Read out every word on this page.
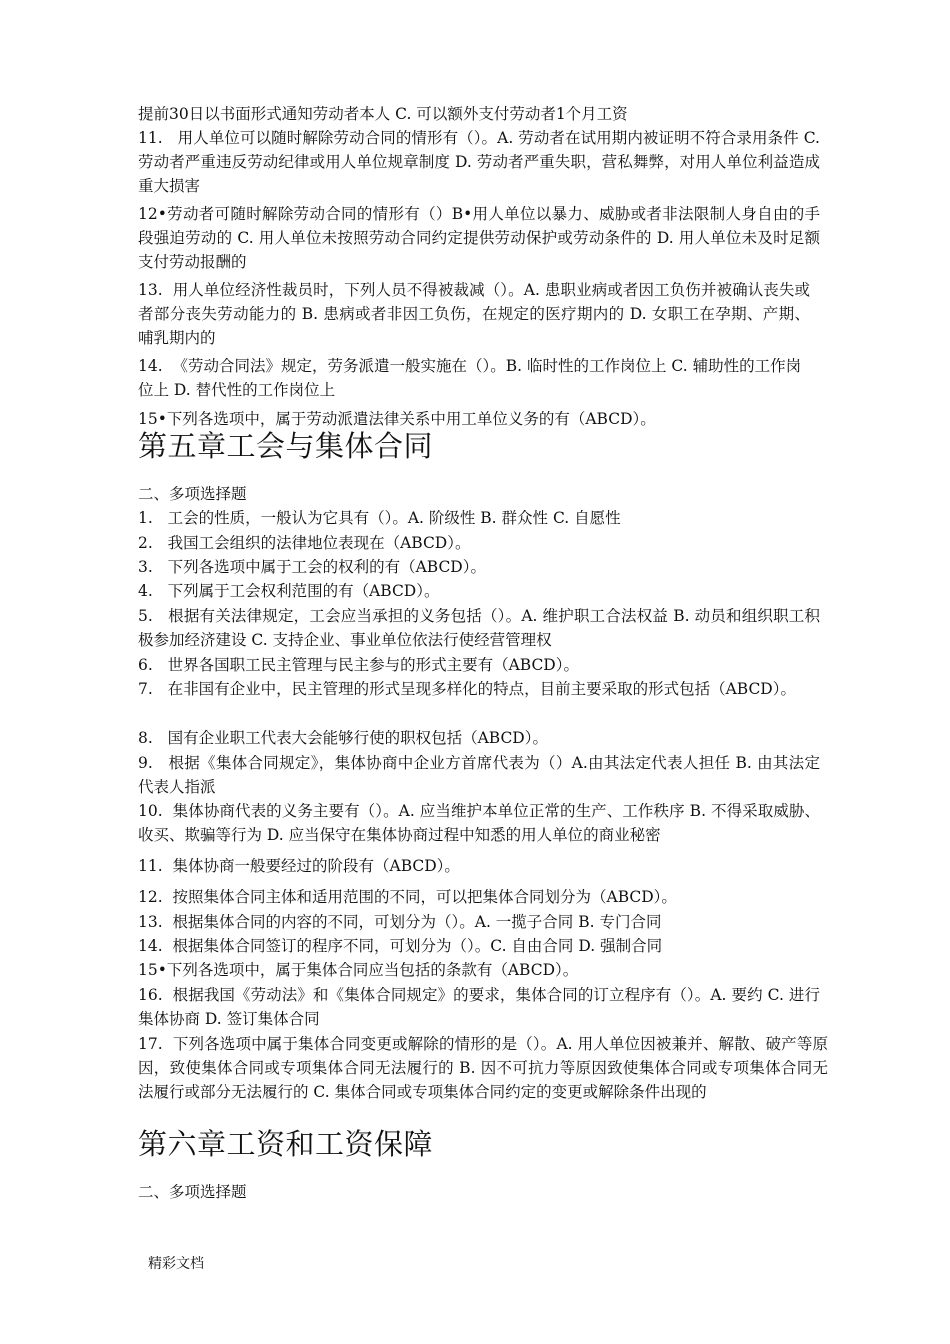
提前30日以书面形式通知劳动者本人 C. 可以额外支付劳动者1个月工资

11.   用人单位可以随时解除劳动合同的情形有（）。A. 劳动者在试用期内被证明不符合录用条件 C. 劳动者严重违反劳动纪律或用人单位规章制度 D. 劳动者严重失职，营私舞弊，对用人单位利益造成重大损害

12•劳动者可随时解除劳动合同的情形有（）B•用人单位以暴力、威胁或者非法限制人身自由的手段强迫劳动的 C. 用人单位未按照劳动合同约定提供劳动保护或劳动条件的 D. 用人单位未及时足额支付劳动报酬的

13.  用人单位经济性裁员时，下列人员不得被裁减（）。A. 患职业病或者因工负伤并被确认丧失或者部分丧失劳动能力的 B. 患病或者非因工负伤，在规定的医疗期内的 D. 女职工在孕期、产期、哺乳期内的

14.  《劳动合同法》规定，劳务派遣一般实施在（）。B. 临时性的工作岗位上 C. 辅助性的工作岗位上 D. 替代性的工作岗位上

15•下列各选项中，属于劳动派遣法律关系中用工单位义务的有（ABCD）。

第五章工会与集体合同

二、多项选择题

1.   工会的性质，一般认为它具有（）。A. 阶级性 B. 群众性 C. 自愿性

2.   我国工会组织的法律地位表现在（ABCD）。

3.   下列各选项中属于工会的权利的有（ABCD）。

4.   下列属于工会权利范围的有（ABCD）。

5.   根据有关法律规定，工会应当承担的义务包括（）。A. 维护职工合法权益 B. 动员和组织职工积极参加经济建设 C. 支持企业、事业单位依法行使经营管理权

6.   世界各国职工民主管理与民主参与的形式主要有（ABCD）。

7.   在非国有企业中，民主管理的形式呈现多样化的特点，目前主要采取的形式包括（ABCD）。

8.   国有企业职工代表大会能够行使的职权包括（ABCD）。

9.   根据《集体合同规定》，集体协商中企业方首席代表为（）A.由其法定代表人担任 B. 由其法定代表人指派

10.  集体协商代表的义务主要有（）。A. 应当维护本单位正常的生产、工作秩序 B. 不得采取威胁、收买、欺骗等行为 D. 应当保守在集体协商过程中知悉的用人单位的商业秘密

11.  集体协商一般要经过的阶段有（ABCD）。

12.  按照集体合同主体和适用范围的不同，可以把集体合同划分为（ABCD）。

13.  根据集体合同的内容的不同，可划分为（）。A. 一揽子合同 B. 专门合同

14.  根据集体合同签订的程序不同，可划分为（）。C. 自由合同 D. 强制合同

15•下列各选项中，属于集体合同应当包括的条款有（ABCD）。

16.  根据我国《劳动法》和《集体合同规定》的要求，集体合同的订立程序有（）。A. 要约 C. 进行集体协商 D. 签订集体合同

17.  下列各选项中属于集体合同变更或解除的情形的是（）。A. 用人单位因被兼并、解散、破产等原因，致使集体合同或专项集体合同无法履行的 B. 因不可抗力等原因致使集体合同或专项集体合同无法履行或部分无法履行的 C. 集体合同或专项集体合同约定的变更或解除条件出现的

第六章工资和工资保障

二、多项选择题

精彩文档
